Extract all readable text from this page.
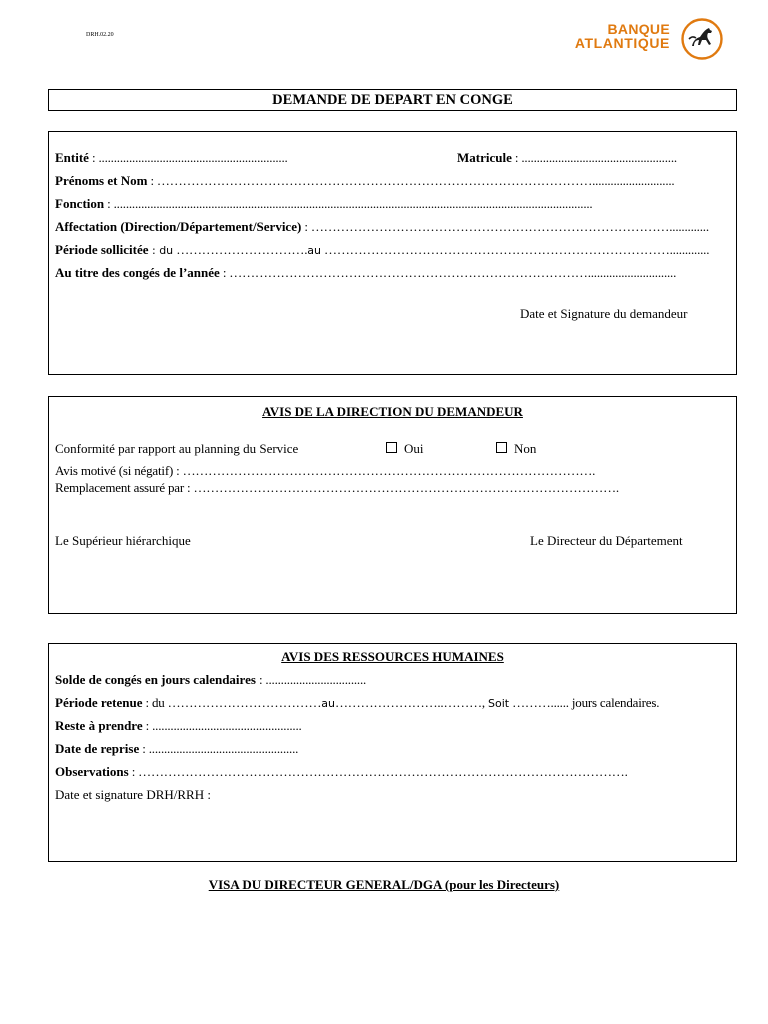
DRH.02.20	BANQUE
ATLANTIQUE
DEMANDE DE DEPART EN CONGE
Entité : ..............................................................	Matricule : ...................................................
Prénoms et Nom : …………………………………………………………………………………………...........................
Fonction : .............................................................................................................................................................
Affectation (Direction/Département/Service) : ………………………………………………………………………….............
Période sollicitée : du ………………………….au ……………………………………………………………………….............
Au titre des congés de l’année : ………………………………………………………………………….............................
Date et Signature du demandeur
AVIS DE LA DIRECTION DU DEMANDEUR
Conformité par rapport au planning du Service	Oui	Non
Avis motivé (si négatif) : …………………………………………………………………………………….
Remplacement assuré par : ……………………………………………………………………………………….
Le Supérieur hiérarchique	Le Directeur du Département
AVIS DES RESSOURCES HUMAINES
Solde de congés en jours calendaires : .................................
Période retenue : du ………………………………au……………………..………, Soit ………...... jours calendaires.
Reste à prendre : .................................................
Date de reprise : .................................................
Observations : …………………………………………………………………………………………………….
Date et signature DRH/RRH :
VISA DU DIRECTEUR GENERAL/DGA (pour les Directeurs)
